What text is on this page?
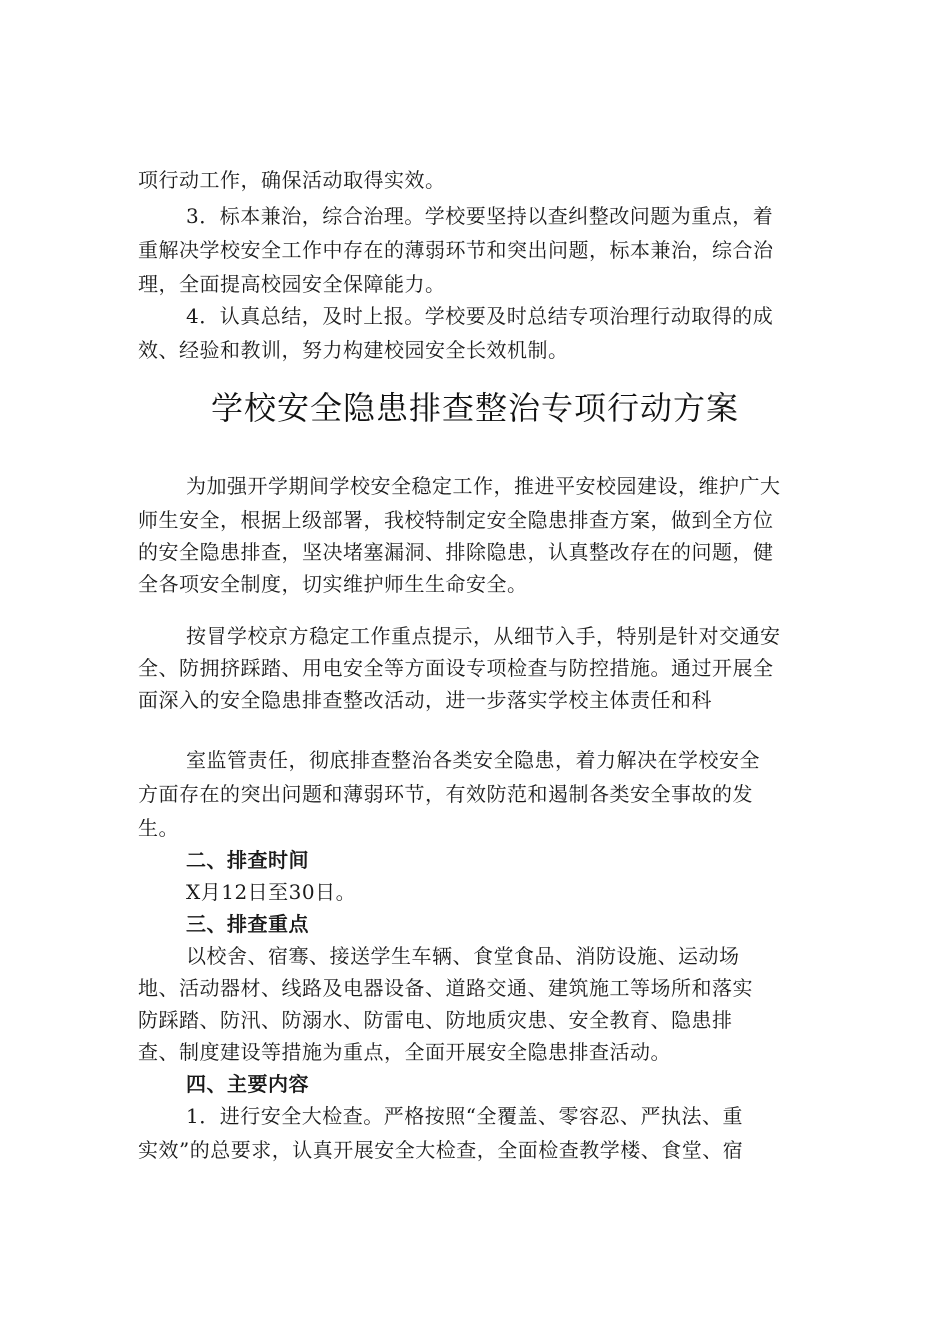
项行动工作，确保活动取得实效。
3．标本兼治，综合治理。学校要坚持以查纠整改问题为重点，着
重解决学校安全工作中存在的薄弱环节和突出问题，标本兼治，综合治
理，全面提高校园安全保障能力。
4．认真总结，及时上报。学校要及时总结专项治理行动取得的成
效、经验和教训，努力构建校园安全长效机制。
学校安全隐患排查整治专项行动方案
为加强开学期间学校安全稳定工作，推进平安校园建设，维护广大
师生安全，根据上级部署，我校特制定安全隐患排查方案，做到全方位
的安全隐患排查，坚决堵塞漏洞、排除隐患，认真整改存在的问题，健
全各项安全制度，切实维护师生生命安全。
按冒学校京方稳定工作重点提示，从细节入手，特别是针对交通安
全、防拥挤踩踏、用电安全等方面设专项检查与防控措施。通过开展全
面深入的安全隐患排查整改活动，进一步落实学校主体责任和科
室监管责任，彻底排查整治各类安全隐患，着力解决在学校安全
方面存在的突出问题和薄弱环节，有效防范和遏制各类安全事故的发
生。
二、排查时间
X月12日至30日。
三、排查重点
以校舍、宿骞、接送学生车辆、食堂食品、消防设施、运动场
地、活动器材、线路及电器设备、道路交通、建筑施工等场所和落实
防踩踏、防汛、防溺水、防雷电、防地质灾患、安全教育、隐患排
查、制度建设等措施为重点，全面开展安全隐患排查活动。
四、主要内容
1．进行安全大检查。严格按照“全覆盖、零容忍、严执法、重
实效”的总要求，认真开展安全大检查，全面检查教学楼、食堂、宿
